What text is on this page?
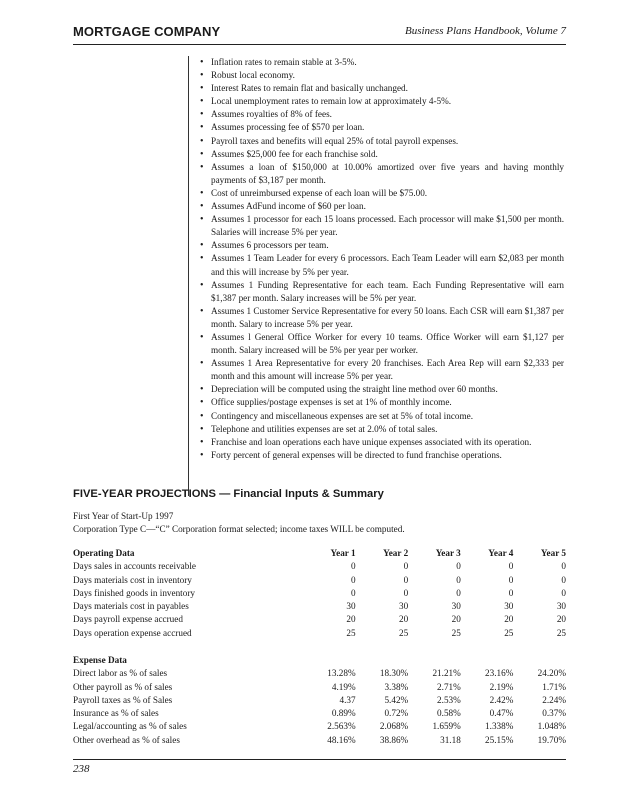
MORTGAGE COMPANY	Business Plans Handbook, Volume 7
• Inflation rates to remain stable at 3-5%.
• Robust local economy.
• Interest Rates to remain flat and basically unchanged.
• Local unemployment rates to remain low at approximately 4-5%.
• Assumes royalties of 8% of fees.
• Assumes processing fee of $570 per loan.
• Payroll taxes and benefits will equal 25% of total payroll expenses.
• Assumes $25,000 fee for each franchise sold.
• Assumes a loan of $150,000 at 10.00% amortized over five years and having monthly payments of $3,187 per month.
• Cost of unreimbursed expense of each loan will be $75.00.
• Assumes AdFund income of $60 per loan.
• Assumes 1 processor for each 15 loans processed. Each processor will make $1,500 per month. Salaries will increase 5% per year.
• Assumes 6 processors per team.
• Assumes 1 Team Leader for every 6 processors. Each Team Leader will earn $2,083 per month and this will increase by 5% per year.
• Assumes 1 Funding Representative for each team. Each Funding Representative will earn $1,387 per month. Salary increases will be 5% per year.
• Assumes 1 Customer Service Representative for every 50 loans. Each CSR will earn $1,387 per month. Salary to increase 5% per year.
• Assumes l General Office Worker for every 10 teams. Office Worker will earn $1,127 per month. Salary increased will be 5% per year per worker.
• Assumes 1 Area Representative for every 20 franchises. Each Area Rep will earn $2,333 per month and this amount will increase 5% per year.
• Depreciation will be computed using the straight line method over 60 months.
• Office supplies/postage expenses is set at 1% of monthly income.
• Contingency and miscellaneous expenses are set at 5% of total income.
• Telephone and utilities expenses are set at 2.0% of total sales.
• Franchise and loan operations each have unique expenses associated with its operation.
• Forty percent of general expenses will be directed to fund franchise operations.
FIVE-YEAR PROJECTIONS — Financial Inputs & Summary
First Year of Start-Up 1997
Corporation Type C—“C” Corporation format selected; income taxes WILL be computed.
Operating Data	Year 1	Year 2	Year 3	Year 4	Year 5
Days sales in accounts receivable	0	0	0	0	0
Days materials cost in inventory	0	0	0	0	0
Days finished goods in inventory	0	0	0	0	0
Days materials cost in payables	30	30	30	30	30
Days payroll expense accrued	20	20	20	20	20
Days operation expense accrued	25	25	25	25	25
Expense Data					
Direct labor as % of sales	13.28%	18.30%	21.21%	23.16%	24.20%
Other payroll as % of sales	4.19%	3.38%	2.71%	2.19%	1.71%
Payroll taxes as % of Sales	4.37	5.42%	2.53%	2.42%	2.24%
Insurance as % of sales	0.89%	0.72%	0.58%	0.47%	0.37%
Legal/accounting as % of sales	2.563%	2.068%	1.659%	1.338%	1.048%
Other overhead as % of sales	48.16%	38.86%	31.18	25.15%	19.70%
238
